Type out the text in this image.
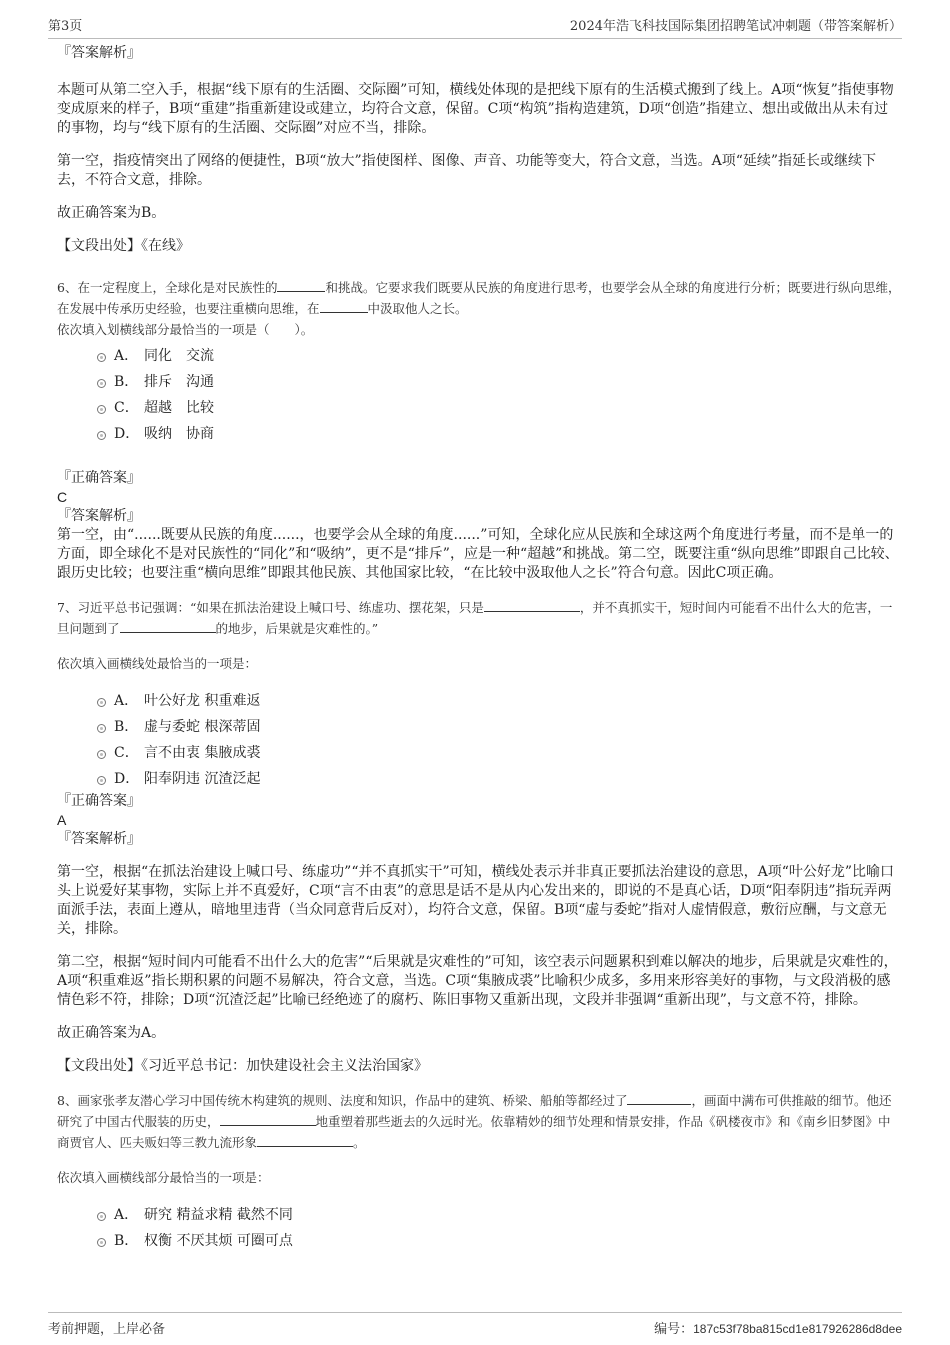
第3页	2024年浩飞科技国际集团招聘笔试冲刺题（带答案解析）

『答案解析』

本题可从第二空入手，根据“线下原有的生活圈、交际圈”可知，横线处体现的是把线下原有的生活模式搬到了线上。A项“恢复”指使事物变成原来的样子，B项“重建”指重新建设或建立，均符合文意，保留。C项“构筑”指构造建筑，D项“创造”指建立、想出或做出从未有过的事物，均与“线下原有的生活圈、交际圈”对应不当，排除。

第一空，指疫情突出了网络的便捷性，B项“放大”指使图样、图像、声音、功能等变大，符合文意，当选。A项“延续”指延长或继续下去，不符合文意，排除。

故正确答案为B。

【文段出处】《在线》

6、在一定程度上，全球化是对民族性的	和挑战。它要求我们既要从民族的角度进行思考，也要学会从全球的角度进行分析；既要进行纵向思维，在发展中传承历史经验，也要注重横向思维，在	中汲取他人之长。

依次填入划横线部分最恰当的一项是（　　）。

A． 同化　交流
B． 排斥　沟通
C． 超越　比较
D． 吸纳　协商

『正确答案』

C

『答案解析』

第一空，由“......既要从民族的角度......，也要学会从全球的角度......”可知，全球化应从民族和全球这两个角度进行考量，而不是单一的方面，即全球化不是对民族性的“同化”和“吸纳”，更不是“排斥”，应是一种“超越”和挑战。第二空，既要注重“纵向思维”即跟自己比较、跟历史比较；也要注重“横向思维”即跟其他民族、其他国家比较，“在比较中汲取他人之长”符合句意。因此C项正确。

7、习近平总书记强调：“如果在抓法治建设上喊口号、练虚功、摆花架，只是	，并不真抓实干，短时间内可能看不出什么大的危害，一旦问题到了	的地步，后果就是灾难性的。”

依次填入画横线处最恰当的一项是：

A． 叶公好龙 积重难返
B． 虚与委蛇 根深蒂固
C． 言不由衷 集腋成裘
D． 阳奉阴违 沉渣泛起

『正确答案』

A

『答案解析』

第一空，根据“在抓法治建设上喊口号、练虚功”“并不真抓实干”可知，横线处表示并非真正要抓法治建设的意思，A项“叶公好龙”比喻口头上说爱好某事物，实际上并不真爱好，C项“言不由衷”的意思是话不是从内心发出来的，即说的不是真心话，D项“阳奉阴违”指玩弄两面派手法，表面上遵从，暗地里违背（当众同意背后反对），均符合文意，保留。B项“虚与委蛇”指对人虚情假意，敷衍应酬，与文意无关，排除。

第二空，根据“短时间内可能看不出什么大的危害”“后果就是灾难性的”可知，该空表示问题累积到难以解决的地步，后果就是灾难性的，A项“积重难返”指长期积累的问题不易解决，符合文意，当选。C项“集腋成裘”比喻积少成多，多用来形容美好的事物，与文段消极的感情色彩不符，排除；D项“沉渣泛起”比喻已经绝迹了的腐朽、陈旧事物又重新出现，文段并非强调“重新出现”，与文意不符，排除。

故正确答案为A。

【文段出处】《习近平总书记：加快建设社会主义法治国家》

8、画家张孝友潜心学习中国传统木构建筑的规则、法度和知识，作品中的建筑、桥梁、船舶等都经过了	，画面中满布可供推敲的细节。他还研究了中国古代服装的历史，	地重塑着那些逝去的久远时光。依靠精妙的细节处理和情景安排，作品《矾楼夜市》和《南乡旧梦图》中商贾官人、匹夫贩妇等三教九流形象	。

依次填入画横线部分最恰当的一项是：

A． 研究 精益求精 截然不同
B． 权衡 不厌其烦 可圈可点
考前押题，上岸必备	编号：187c53f78ba815cd1e817926286d8dee
